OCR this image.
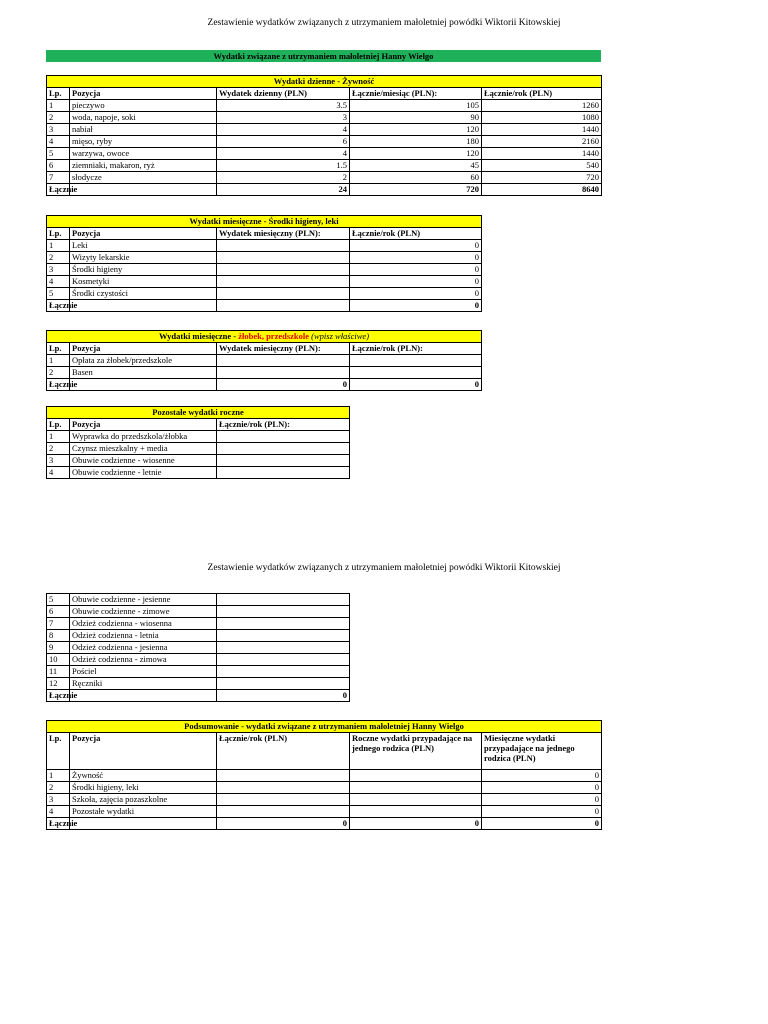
Zestawienie wydatków związanych z utrzymaniem małoletniej powódki Wiktorii Kitowskiej
Wydatki związane z utrzymaniem małoletniej Hanny Wielgo
Wydatki dzienne - Żywność				
Lp.	Pozycja	Wydatek dzienny (PLN)	Łącznie/miesiąc (PLN):	Łącznie/rok (PLN)
1	pieczywo	3.5	105	1260
2	woda, napoje, soki	3	90	1080
3	nabiał	4	120	1440
4	mięso, ryby	6	180	2160
5	warzywa, owoce	4	120	1440
6	ziemniaki, makaron, ryż	1.5	45	540
7	słodycze	2	60	720
Łącznie		24	720	8640
Wydatki miesięczne - Środki higieny, leki			
Lp.	Pozycja	Wydatek miesięczny (PLN):	Łącznie/rok (PLN)
1	Leki		0
2	Wizyty lekarskie		0
3	Środki higieny		0
4	Kosmetyki		0
5	Środki czystości		0
Łącznie			0
Wydatki miesięczne - żłobek, przedszkole (wpisz właściwe)			
Lp.	Pozycja	Wydatek miesięczny (PLN):	Łącznie/rok (PLN):
1	Opłata za żłobek/przedszkole		
2	Basen		
Łącznie		0	0
Pozostałe wydatki roczne		
Lp.	Pozycja	Łącznie/rok (PLN):
1	Wyprawka do przedszkola/żłobka	
2	Czynsz mieszkalny + media	
3	Obuwie codzienne - wiosenne	
4	Obuwie codzienne - letnie	
Zestawienie wydatków związanych z utrzymaniem małoletniej powódki Wiktorii Kitowskiej
5	Obuwie codzienne - jesienne	
6	Obuwie codzienne - zimowe	
7	Odzież codzienna - wiosenna	
8	Odzież codzienna - letnia	
9	Odzież codzienna - jesienna	
10	Odzież codzienna - zimowa	
11	Pościel	
12	Ręczniki	
Łącznie		0
Podsumowanie - wydatki związane z utrzymaniem małoletniej Hanny Wielgo				
Lp.	Pozycja	Łącznie/rok (PLN)	Roczne wydatki przypadające na jednego rodzica (PLN)	Miesięczne wydatki przypadające na jednego rodzica (PLN)
1	Żywność			0
2	Środki higieny, leki			0
3	Szkoła, zajęcia pozaszkolne			0
4	Pozostałe wydatki			0
Łącznie		0	0	0
